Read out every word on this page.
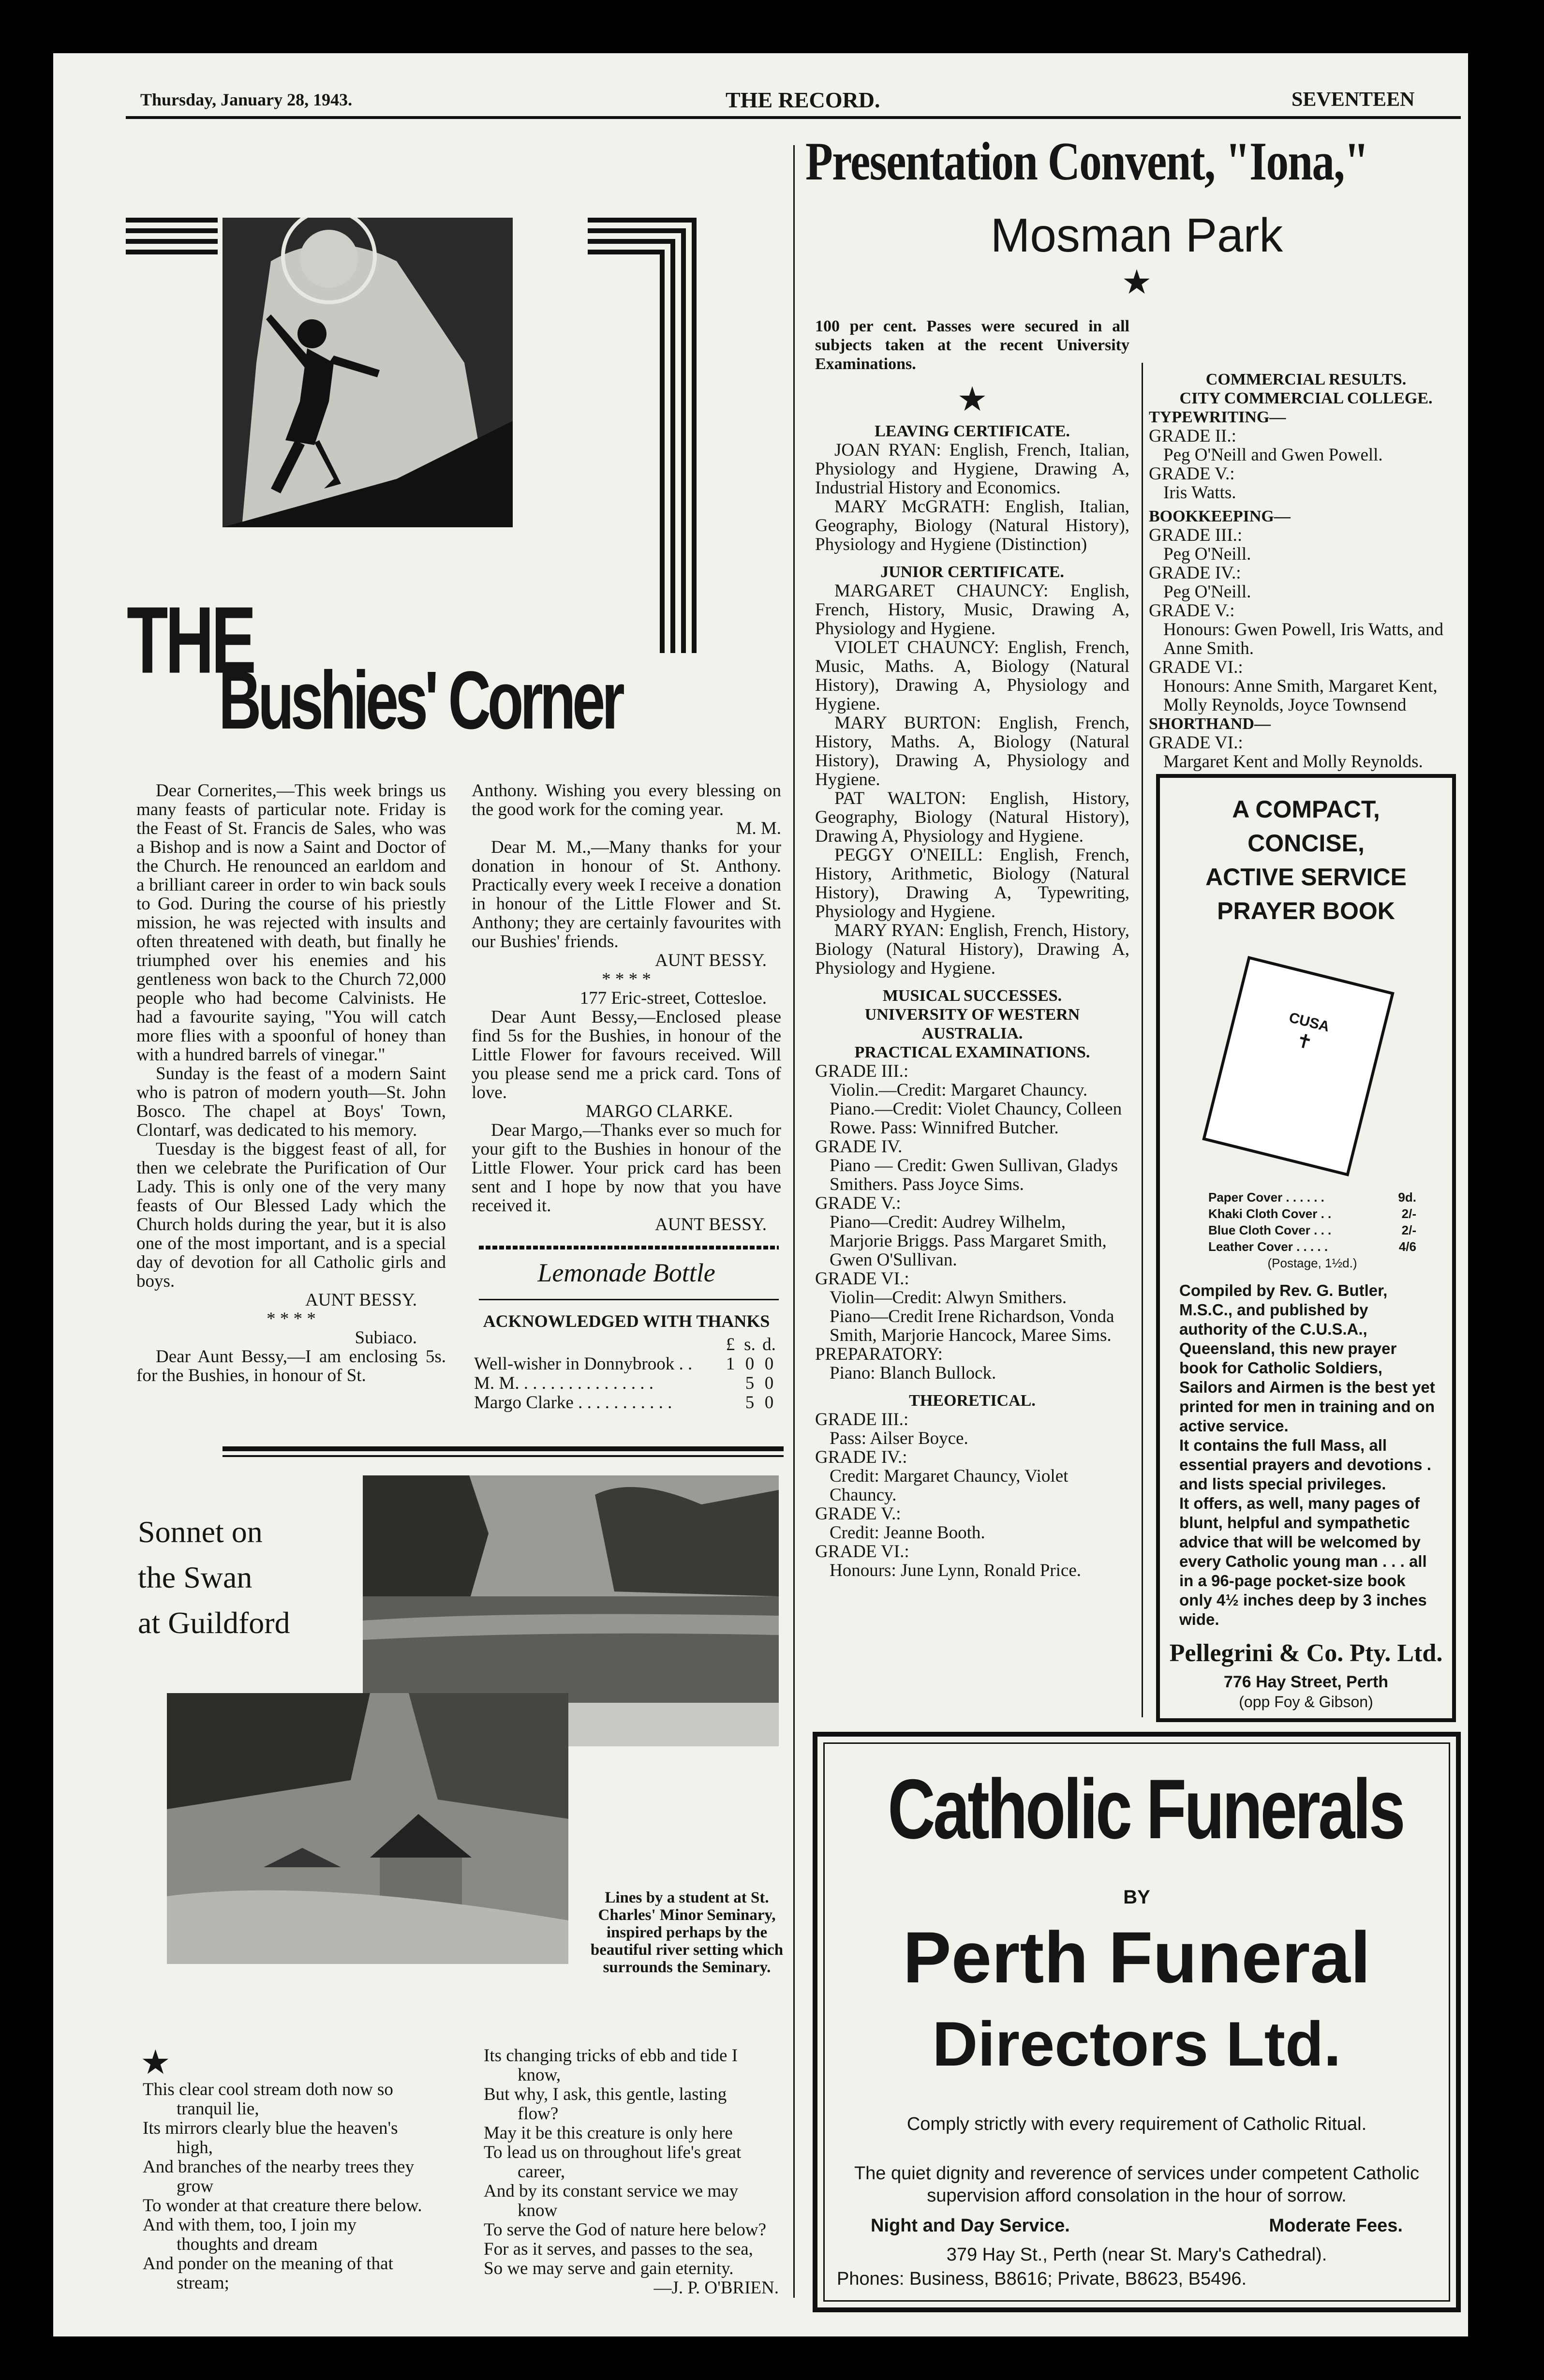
Thursday, January 28, 1943.	THE RECORD.	SEVENTEEN
THE
Bushies' Corner

Dear Cornerites,—This week brings us many feasts of particular note. Friday is the Feast of St. Francis de Sales, who was a Bishop and is now a Saint and Doctor of the Church. He renounced an earldom and a brilliant career in order to win back souls to God. During the course of his priestly mission, he was rejected with insults and often threatened with death, but finally he triumphed over his enemies and his gentleness won back to the Church 72,000 people who had become Calvinists. He had a favourite saying, "You will catch more flies with a spoonful of honey than with a hundred barrels of vinegar."

Sunday is the feast of a modern Saint who is patron of modern youth—St. John Bosco. The chapel at Boys' Town, Clontarf, was dedicated to his memory.

Tuesday is the biggest feast of all, for then we celebrate the Purification of Our Lady. This is only one of the very many feasts of Our Blessed Lady which the Church holds during the year, but it is also one of the most important, and is a special day of devotion for all Catholic girls and boys.

AUNT BESSY.

* * * *

Subiaco.

Dear Aunt Bessy,—I am enclosing 5s. for the Bushies, in honour of St.

Anthony. Wishing you every blessing on the good work for the coming year.

M. M.

Dear M. M.,—Many thanks for your donation in honour of St. Anthony. Practically every week I receive a donation in honour of the Little Flower and St. Anthony; they are certainly favourites with our Bushies' friends.

AUNT BESSY.

* * * *

177 Eric-street, Cottesloe.

Dear Aunt Bessy,—Enclosed please find 5s for the Bushies, in honour of the Little Flower for favours received. Will you please send me a prick card. Tons of love.

MARGO CLARKE.

Dear Margo,—Thanks ever so much for your gift to the Bushies in honour of the Little Flower. Your prick card has been sent and I hope by now that you have received it.

AUNT BESSY.

Lemonade Bottle
ACKNOWLEDGED WITH THANKS
	£	s.	d.
Well-wisher in Donnybrook . .	1	0	0
M. M. . . . . . . . . . . . . . . .		5	0
Margo Clarke . . . . . . . . . . .		5	0
Sonnet on
the Swan
at Guildford
Lines by a student at St. Charles' Minor Seminary, inspired perhaps by the beautiful river setting which surrounds the Seminary.
★
This clear cool stream doth now so
tranquil lie,
Its mirrors clearly blue the heaven's
high,
And branches of the nearby trees they
grow
To wonder at that creature there below.
And with them, too, I join my
thoughts and dream
And ponder on the meaning of that
stream;
Its changing tricks of ebb and tide I
know,
But why, I ask, this gentle, lasting
flow?
May it be this creature is only here
To lead us on throughout life's great
career,
And by its constant service we may
know
To serve the God of nature here below?
For as it serves, and passes to the sea,
So we may serve and gain eternity.
—J. P. O'BRIEN.
Presentation Convent, "Iona,"
Mosman Park
★

100 per cent. Passes were secured in all subjects taken at the recent University Examinations.

★

LEAVING CERTIFICATE.

JOAN RYAN: English, French, Italian, Physiology and Hygiene, Drawing A, Industrial History and Economics.

MARY McGRATH: English, Italian, Geography, Biology (Natural History), Physiology and Hygiene (Distinction)

JUNIOR CERTIFICATE.

MARGARET CHAUNCY: English, French, History, Music, Drawing A, Physiology and Hygiene.

VIOLET CHAUNCY: English, French, Music, Maths. A, Biology (Natural History), Drawing A, Physiology and Hygiene.

MARY BURTON: English, French, History, Maths. A, Biology (Natural History), Drawing A, Physiology and Hygiene.

PAT WALTON: English, History, Geography, Biology (Natural History), Drawing A, Physiology and Hygiene.

PEGGY O'NEILL: English, French, History, Arithmetic, Biology (Natural History), Drawing A, Typewriting, Physiology and Hygiene.

MARY RYAN: English, French, History, Biology (Natural History), Drawing A, Physiology and Hygiene.

MUSICAL SUCCESSES.

UNIVERSITY OF WESTERN AUSTRALIA.

PRACTICAL EXAMINATIONS.

GRADE III.:
Violin.—Credit: Margaret Chauncy.
Piano.—Credit: Violet Chauncy, Colleen Rowe. Pass: Winnifred Butcher.
GRADE IV.
Piano — Credit: Gwen Sullivan, Gladys Smithers. Pass Joyce Sims.
GRADE V.:
Piano—Credit: Audrey Wilhelm, Marjorie Briggs. Pass Margaret Smith, Gwen O'Sullivan.
GRADE VI.:
Violin—Credit: Alwyn Smithers.
Piano—Credit Irene Richardson, Vonda Smith, Marjorie Hancock, Maree Sims.
PREPARATORY:
Piano: Blanch Bullock.

THEORETICAL.

GRADE III.:
Pass: Ailser Boyce.
GRADE IV.:
Credit: Margaret Chauncy, Violet Chauncy.
GRADE V.:
Credit: Jeanne Booth.
GRADE VI.:
Honours: June Lynn, Ronald Price.

COMMERCIAL RESULTS.

CITY COMMERCIAL COLLEGE.

TYPEWRITING—

GRADE II.:
Peg O'Neill and Gwen Powell.
GRADE V.:
Iris Watts.

BOOKKEEPING—

GRADE III.:
Peg O'Neill.
GRADE IV.:
Peg O'Neill.
GRADE V.:
Honours: Gwen Powell, Iris Watts, and Anne Smith.
GRADE VI.:
Honours: Anne Smith, Margaret Kent, Molly Reynolds, Joyce Townsend

SHORTHAND—

GRADE VI.:
Margaret Kent and Molly Reynolds.
A COMPACT,
CONCISE,
ACTIVE SERVICE
PRAYER BOOK
CUSA
✝
Paper Cover . . . . . .	9d.
Khaki Cloth Cover . .	2/-
Blue Cloth Cover . . .	2/-
Leather Cover . . . . .	4/6
(Postage, 1½d.)

Compiled by Rev. G. Butler, M.S.C., and published by authority of the C.U.S.A., Queensland, this new prayer book for Catholic Soldiers, Sailors and Airmen is the best yet printed for men in training and on active service.

It contains the full Mass, all essential prayers and devotions . and lists special privileges.

It offers, as well, many pages of blunt, helpful and sympathetic advice that will be welcomed by every Catholic young man . . . all in a 96-page pocket-size book only 4½ inches deep by 3 inches wide.

Pellegrini & Co. Pty. Ltd.
776 Hay Street, Perth
(opp Foy & Gibson)
Catholic Funerals
BY
Perth Funeral
Directors Ltd.
Comply strictly with every requirement of Catholic Ritual.
The quiet dignity and reverence of services under competent Catholic supervision afford consolation in the hour of sorrow.
Night and Day Service.	Moderate Fees.
379 Hay St., Perth (near St. Mary's Cathedral).
Phones: Business, B8616; Private, B8623, B5496.
